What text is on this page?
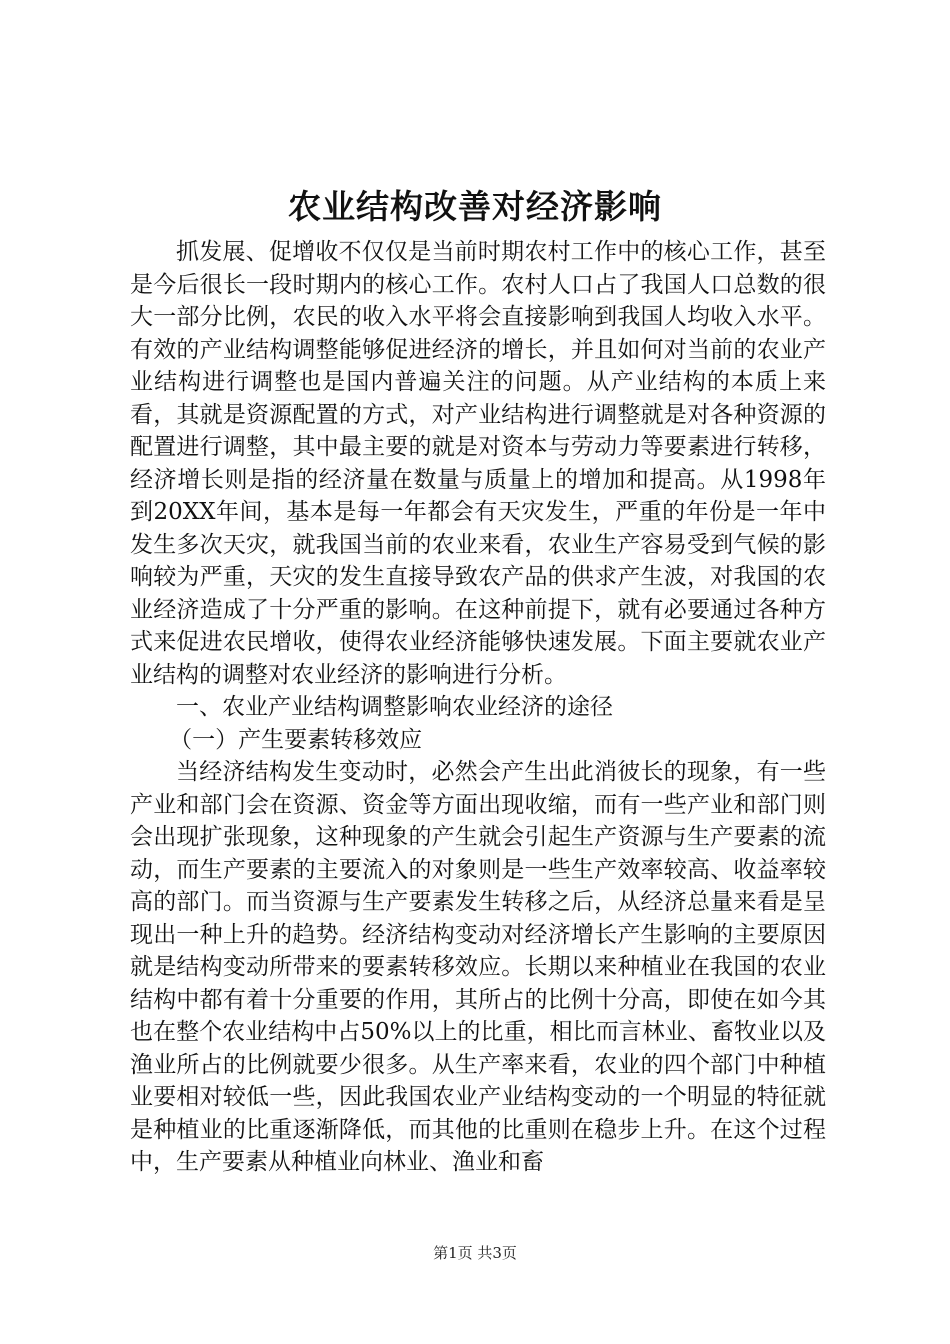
农业结构改善对经济影响

抓发展、促增收不仅仅是当前时期农村工作中的核心工作，甚至是今后很长一段时期内的核心工作。农村人口占了我国人口总数的很大一部分比例，农民的收入水平将会直接影响到我国人均收入水平。有效的产业结构调整能够促进经济的增长，并且如何对当前的农业产业结构进行调整也是国内普遍关注的问题。从产业结构的本质上来看，其就是资源配置的方式，对产业结构进行调整就是对各种资源的配置进行调整，其中最主要的就是对资本与劳动力等要素进行转移，经济增长则是指的经济量在数量与质量上的增加和提高。从1998年到20XX年间，基本是每一年都会有天灾发生，严重的年份是一年中发生多次天灾，就我国当前的农业来看，农业生产容易受到气候的影响较为严重，天灾的发生直接导致农产品的供求产生波，对我国的农业经济造成了十分严重的影响。在这种前提下，就有必要通过各种方式来促进农民增收，使得农业经济能够快速发展。下面主要就农业产业结构的调整对农业经济的影响进行分析。

一、农业产业结构调整影响农业经济的途径

（一）产生要素转移效应

当经济结构发生变动时，必然会产生出此消彼长的现象，有一些产业和部门会在资源、资金等方面出现收缩，而有一些产业和部门则会出现扩张现象，这种现象的产生就会引起生产资源与生产要素的流动，而生产要素的主要流入的对象则是一些生产效率较高、收益率较高的部门。而当资源与生产要素发生转移之后，从经济总量来看是呈现出一种上升的趋势。经济结构变动对经济增长产生影响的主要原因就是结构变动所带来的要素转移效应。长期以来种植业在我国的农业结构中都有着十分重要的作用，其所占的比例十分高，即使在如今其也在整个农业结构中占50%以上的比重，相比而言林业、畜牧业以及渔业所占的比例就要少很多。从生产率来看，农业的四个部门中种植业要相对较低一些，因此我国农业产业结构变动的一个明显的特征就是种植业的比重逐渐降低，而其他的比重则在稳步上升。在这个过程中，生产要素从种植业向林业、渔业和畜

第1页 共3页
